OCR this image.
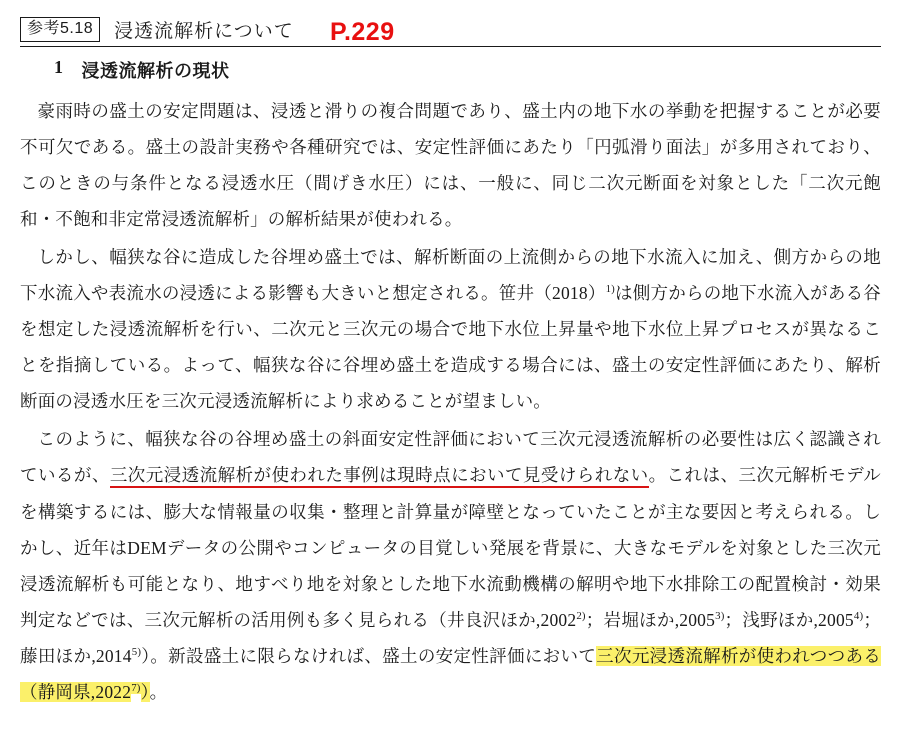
参考5.18	浸透流解析について P.229
1 浸透流解析の現状

豪雨時の盛土の安定問題は、浸透と滑りの複合問題であり、盛土内の地下水の挙動を把握することが必要不可欠である。盛土の設計実務や各種研究では、安定性評価にあたり「円弧滑り面法」が多用されており、このときの与条件となる浸透水圧（間げき水圧）には、一般に、同じ二次元断面を対象とした「二次元飽和・不飽和非定常浸透流解析」の解析結果が使われる。

しかし、幅狭な谷に造成した谷埋め盛土では、解析断面の上流側からの地下水流入に加え、側方からの地下水流入や表流水の浸透による影響も大きいと想定される。笹井$(2018)^{1)}$は側方からの地下水流入がある谷を想定した浸透流解析を行い、二次元と三次元の場合で地下水位上昇量や地下水位上昇プロセスが異なることを指摘している。よって、幅狭な谷に谷埋め盛土を造成する場合には、盛土の安定性評価にあたり、解析断面の浸透水圧を三次元浸透流解析により求めることが望ましい。

このように、幅狭な谷の谷埋め盛土の斜面安定性評価において三次元浸透流解析の必要性は広く認識されているが、三次元浸透流解析が使われた事例は現時点において見受けられない。これは、三次元解析モデルを構築するには、膨大な情報量の収集・整理と計算量が障壁となっていたことが主な要因と考えられる。しかし、近年はDEMデータの公開やコンピュータの目覚しい発展を背景に、大きなモデルを対象とした三次元浸透流解析も可能となり、地すべり地を対象とした地下水流動機構の解明や地下水排除工の配置検討・効果判定などでは、三次元解析の活用例も多く見られる（井良沢ほか,2002$^{2)}$；岩堀ほか,2005$^{3)}$；浅野ほか,2005$^{4)}$；藤田ほか,2014$^{5)}$）。新設盛土に限らなければ、盛土の安定性評価において三次元浸透流解析が使われつつある（静岡県,2022$^{7)}$）。
